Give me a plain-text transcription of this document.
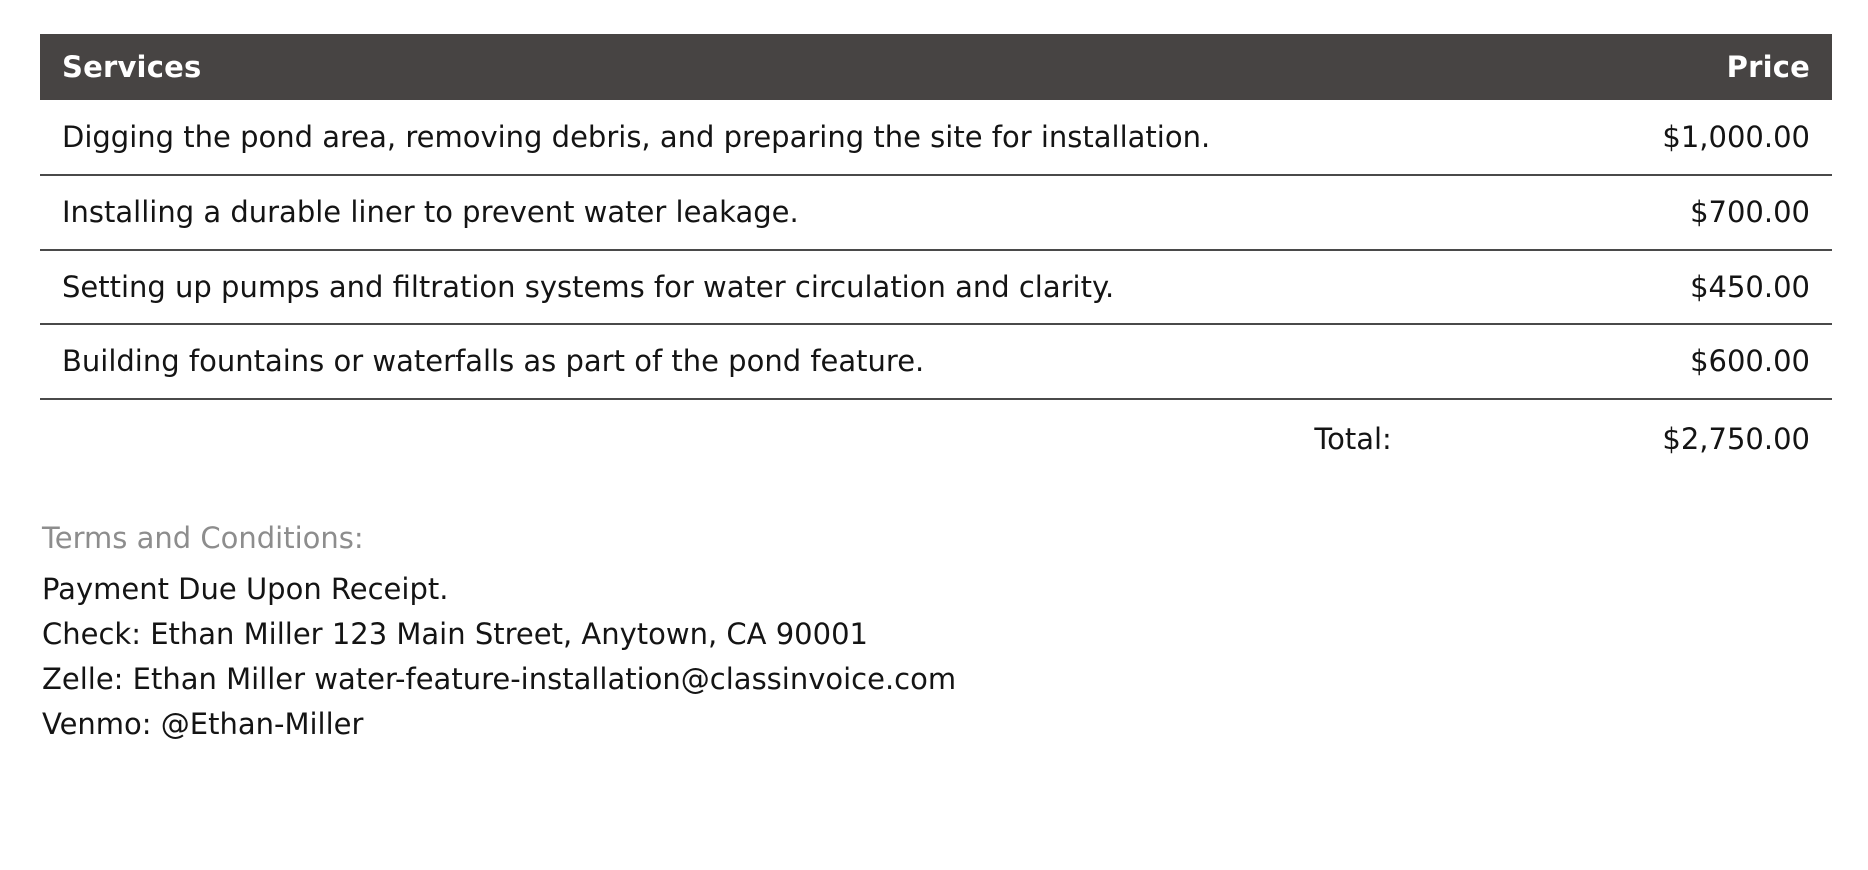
Services	Price
Digging the pond area, removing debris, and preparing the site for installation.	$1,000.00
Installing a durable liner to prevent water leakage.	$700.00
Setting up pumps and filtration systems for water circulation and clarity.	$450.00
Building fountains or waterfalls as part of the pond feature.	$600.00
Total:	$2,750.00
Terms and Conditions:
Payment Due Upon Receipt.
Check: Ethan Miller 123 Main Street, Anytown, CA 90001
Zelle: Ethan Miller water-feature-installation@classinvoice.com
Venmo: @Ethan-Miller
